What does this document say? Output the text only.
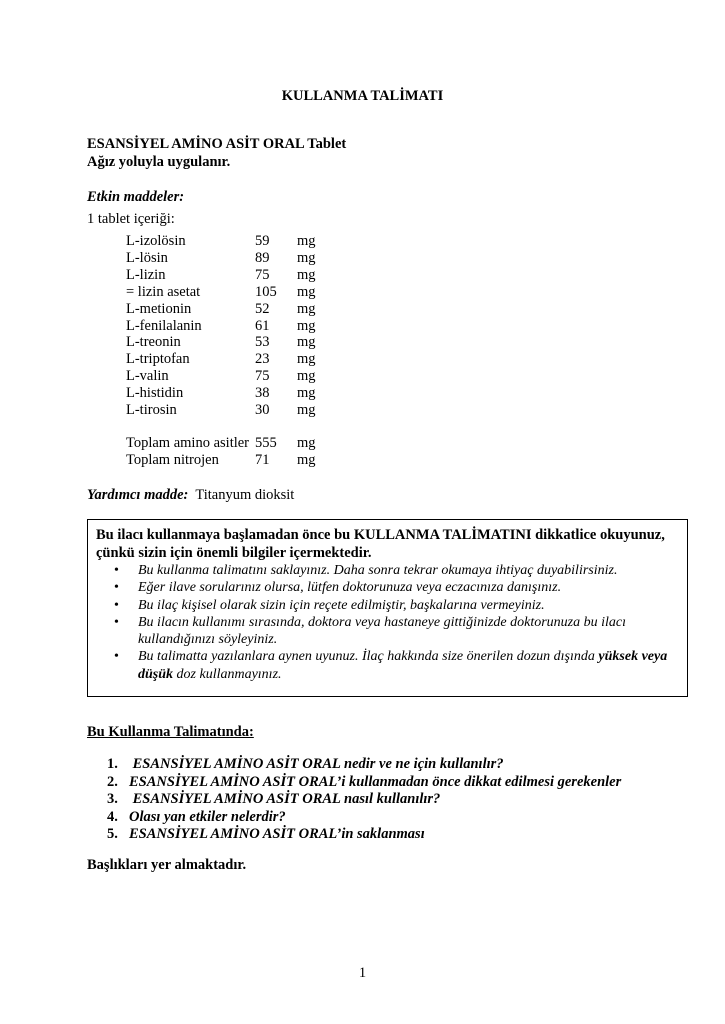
KULLANMA TALİMATI
ESANSİYEL AMİNO ASİT ORAL Tablet
Ağız yoluyla uygulanır.
Etkin maddeler:
1 tablet içeriği:
L-izolösin	59	mg
L-lösin	89	mg
L-lizin	75	mg
= lizin asetat	105	mg
L-metionin	52	mg
L-fenilalanin	61	mg
L-treonin	53	mg
L-triptofan	23	mg
L-valin	75	mg
L-histidin	38	mg
L-tirosin	30	mg
Toplam amino asitler	555	mg
Toplam nitrojen	71	mg
Yardımcı madde: Titanyum dioksit
Bu ilacı kullanmaya başlamadan önce bu KULLANMA TALİMATINI dikkatlice okuyunuz, çünkü sizin için önemli bilgiler içermektedir.
• Bu kullanma talimatını saklayınız. Daha sonra tekrar okumaya ihtiyaç duyabilirsiniz.
• Eğer ilave sorularınız olursa, lütfen doktorunuza veya eczacınıza danışınız.
• Bu ilaç kişisel olarak sizin için reçete edilmiştir, başkalarına vermeyiniz.
• Bu ilacın kullanımı sırasında, doktora veya hastaneye gittiğinizde doktorunuza bu ilacı kullandığınızı söyleyiniz.
• Bu talimatta yazılanlara aynen uyunuz. İlaç hakkında size önerilen dozun dışında yüksek veya düşük doz kullanmayınız.
Bu Kullanma Talimatında:
1. ESANSİYEL AMİNO ASİT ORAL nedir ve ne için kullanılır?
2. ESANSİYEL AMİNO ASİT ORAL’i kullanmadan önce dikkat edilmesi gerekenler
3. ESANSİYEL AMİNO ASİT ORAL nasıl kullanılır?
4. Olası yan etkiler nelerdir?
5. ESANSİYEL AMİNO ASİT ORAL’in saklanması
Başlıkları yer almaktadır.
1
